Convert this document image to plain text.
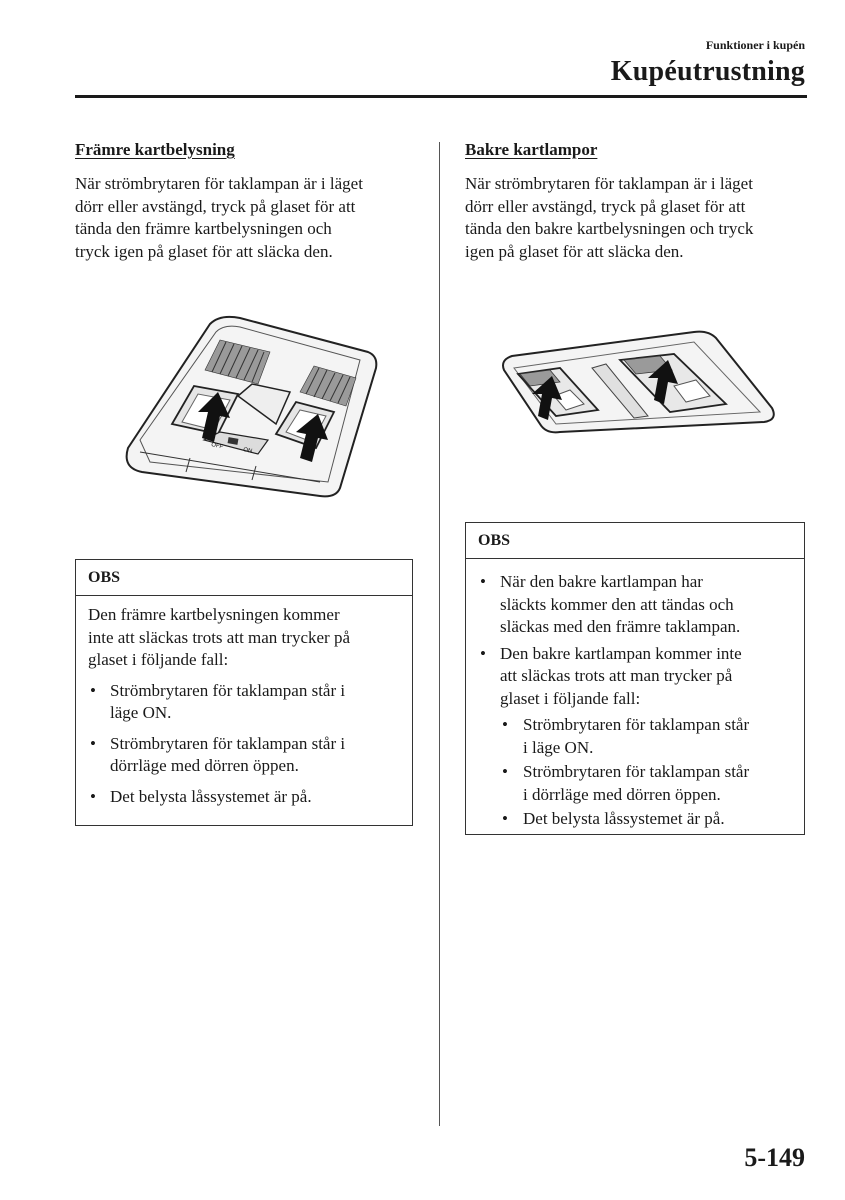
Funktioner i kupén
Kupéutrustning
Främre kartbelysning
När strömbrytaren för taklampan är i läget
dörr eller avstängd, tryck på glaset för att
tända den främre kartbelysningen och
tryck igen på glaset för att släcka den.
OFF
ON
OBS
Den främre kartbelysningen kommer
inte att släckas trots att man trycker på
glaset i följande fall:
• Strömbrytaren för taklampan står i
läge ON.
• Strömbrytaren för taklampan står i
dörrläge med dörren öppen.
• Det belysta låssystemet är på.
Bakre kartlampor
När strömbrytaren för taklampan är i läget
dörr eller avstängd, tryck på glaset för att
tända den bakre kartbelysningen och tryck
igen på glaset för att släcka den.
OBS
• När den bakre kartlampan har
släckts kommer den att tändas och
släckas med den främre taklampan.
• Den bakre kartlampan kommer inte
att släckas trots att man trycker på
glaset i följande fall:
• Strömbrytaren för taklampan står
i läge ON.
• Strömbrytaren för taklampan står
i dörrläge med dörren öppen.
• Det belysta låssystemet är på.
5-149
